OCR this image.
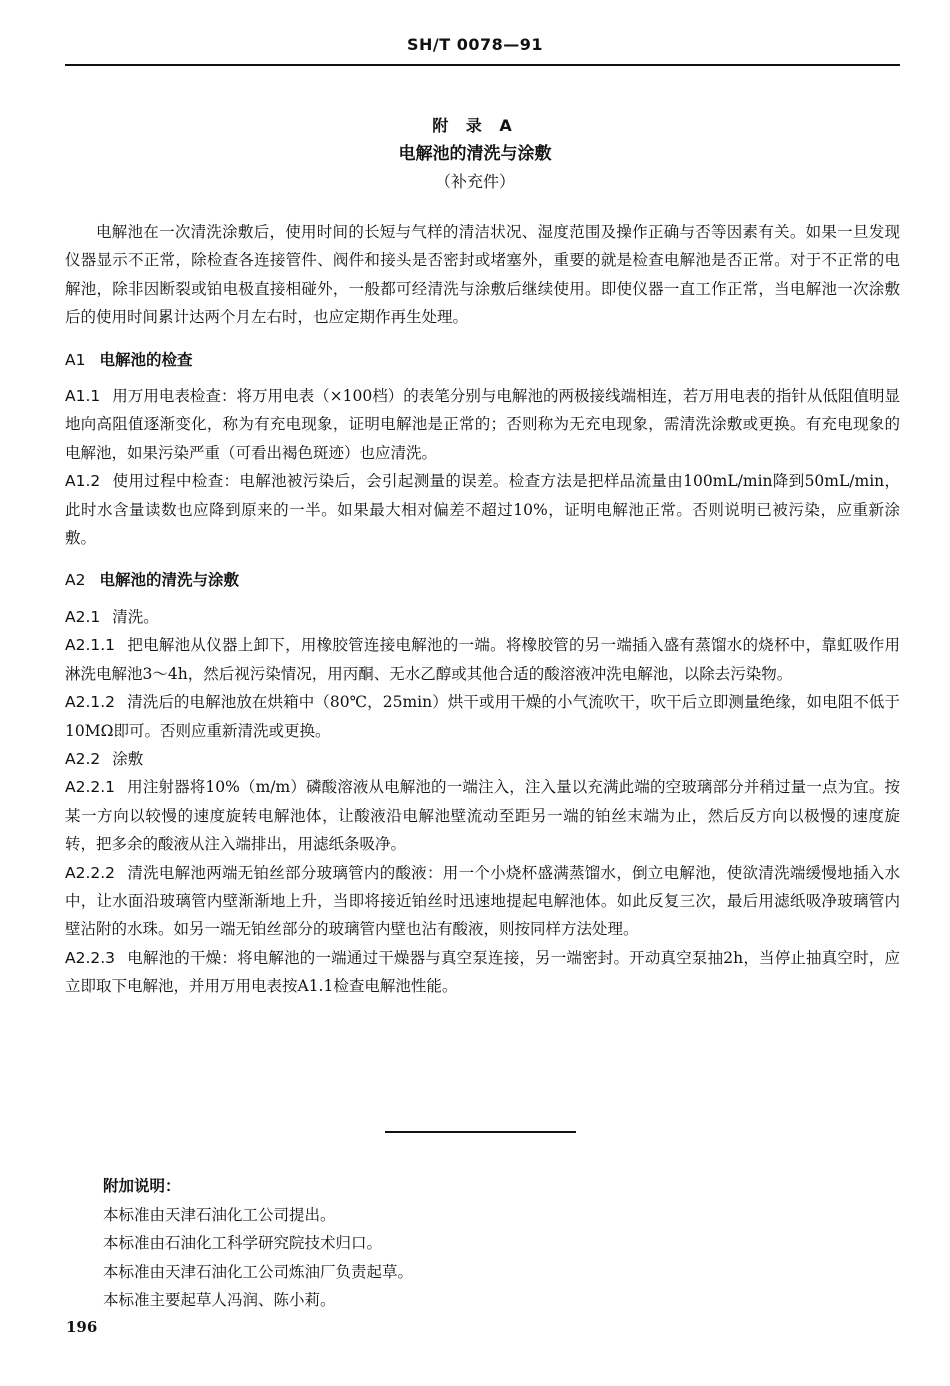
SH/T 0078—91
附 录 A
电解池的清洗与涂敷
（补充件）

电解池在一次清洗涂敷后，使用时间的长短与气样的清洁状况、湿度范围及操作正确与否等因素有关。如果一旦发现仪器显示不正常，除检查各连接管件、阀件和接头是否密封或堵塞外，重要的就是检查电解池是否正常。对于不正常的电解池，除非因断裂或铂电极直接相碰外，一般都可经清洗与涂敷后继续使用。即使仪器一直工作正常，当电解池一次涂敷后的使用时间累计达两个月左右时，也应定期作再生处理。

A1 电解池的检查

A1.1 用万用电表检查：将万用电表（×100档）的表笔分别与电解池的两极接线端相连，若万用电表的指针从低阻值明显地向高阻值逐渐变化，称为有充电现象，证明电解池是正常的；否则称为无充电现象，需清洗涂敷或更换。有充电现象的电解池，如果污染严重（可看出褐色斑迹）也应清洗。

A1.2 使用过程中检查：电解池被污染后，会引起测量的误差。检查方法是把样品流量由100mL/min降到50mL/min，此时水含量读数也应降到原来的一半。如果最大相对偏差不超过10%，证明电解池正常。否则说明已被污染，应重新涂敷。

A2 电解池的清洗与涂敷

A2.1 清洗。

A2.1.1 把电解池从仪器上卸下，用橡胶管连接电解池的一端。将橡胶管的另一端插入盛有蒸馏水的烧杯中，靠虹吸作用淋洗电解池3～4h，然后视污染情况，用丙酮、无水乙醇或其他合适的酸溶液冲洗电解池，以除去污染物。

A2.1.2 清洗后的电解池放在烘箱中（80℃，25min）烘干或用干燥的小气流吹干，吹干后立即测量绝缘，如电阻不低于10MΩ即可。否则应重新清洗或更换。

A2.2 涂敷

A2.2.1 用注射器将10%（m/m）磷酸溶液从电解池的一端注入，注入量以充满此端的空玻璃部分并稍过量一点为宜。按某一方向以较慢的速度旋转电解池体，让酸液沿电解池壁流动至距另一端的铂丝末端为止，然后反方向以极慢的速度旋转，把多余的酸液从注入端排出，用滤纸条吸净。

A2.2.2 清洗电解池两端无铂丝部分玻璃管内的酸液：用一个小烧杯盛满蒸馏水，倒立电解池，使欲清洗端缓慢地插入水中，让水面沿玻璃管内壁渐渐地上升，当即将接近铂丝时迅速地提起电解池体。如此反复三次，最后用滤纸吸净玻璃管内壁沾附的水珠。如另一端无铂丝部分的玻璃管内壁也沾有酸液，则按同样方法处理。

A2.2.3 电解池的干燥：将电解池的一端通过干燥器与真空泵连接，另一端密封。开动真空泵抽2h，当停止抽真空时，应立即取下电解池，并用万用电表按A1.1检查电解池性能。

附加说明：

本标准由天津石油化工公司提出。

本标准由石油化工科学研究院技术归口。

本标准由天津石油化工公司炼油厂负责起草。

本标准主要起草人冯润、陈小莉。

196
